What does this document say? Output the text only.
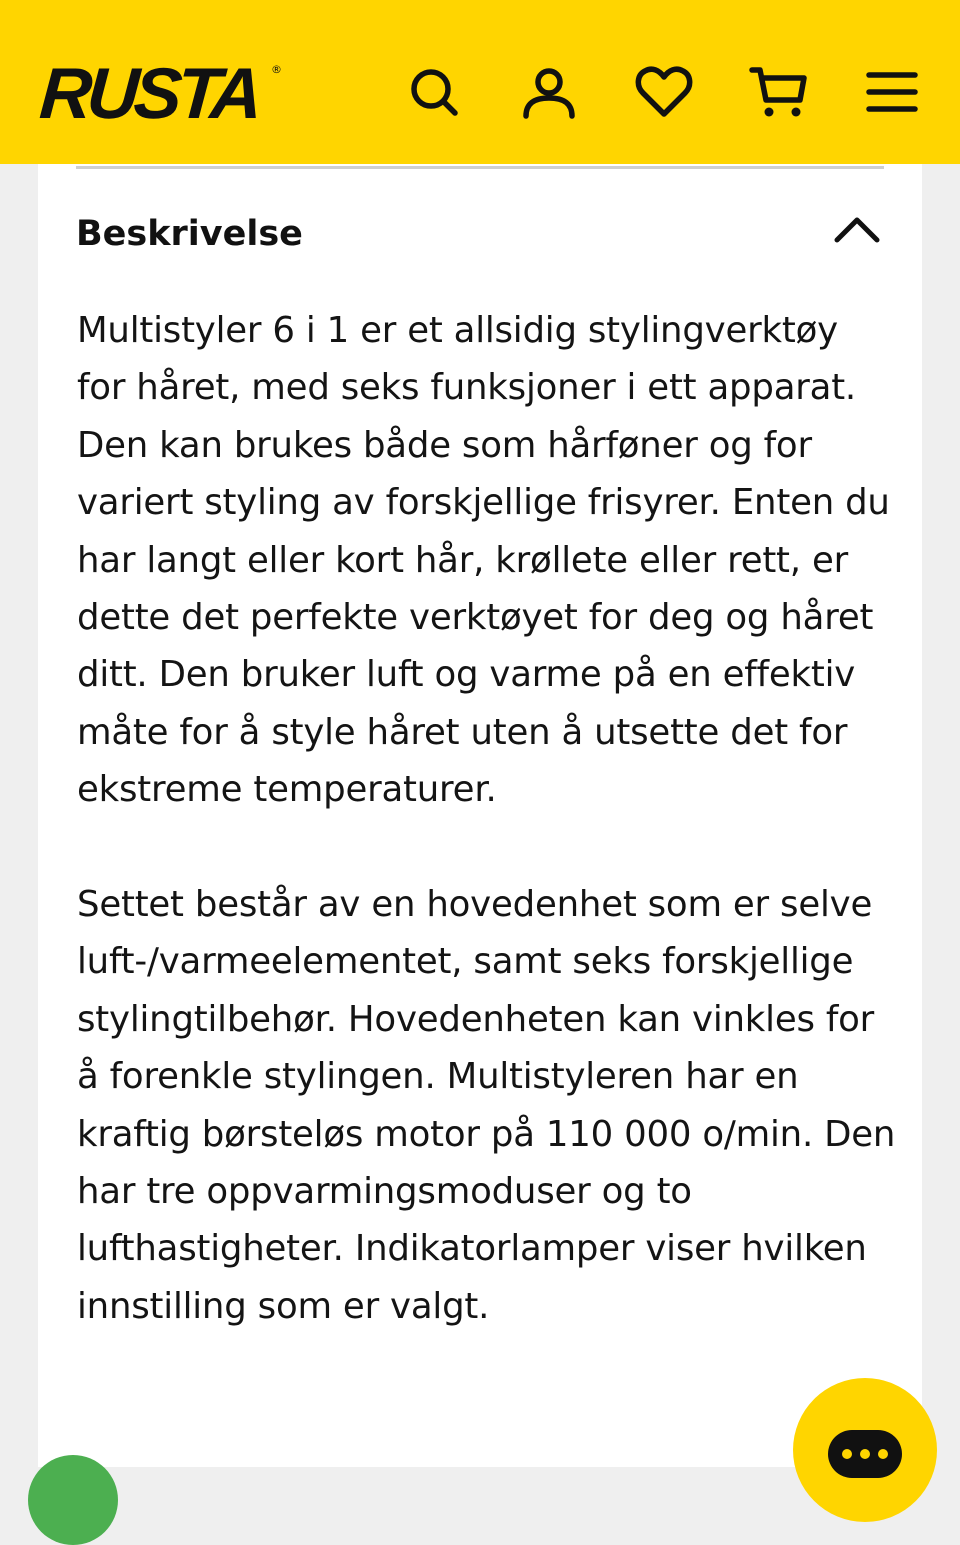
RUSTA ®
Beskrivelse

Multistyler 6 i 1 er et allsidig stylingverktøy for håret, med seks funksjoner i ett apparat. Den kan brukes både som hårføner og for variert styling av forskjellige frisyrer. Enten du har langt eller kort hår, krøllete eller rett, er dette det perfekte verktøyet for deg og håret ditt. Den bruker luft og varme på en effektiv måte for å style håret uten å utsette det for ekstreme temperaturer.

Settet består av en hovedenhet som er selve luft-/varmeelementet, samt seks forskjellige stylingtilbehør. Hovedenheten kan vinkles for å forenkle stylingen. Multistyleren har en kraftig børsteløs motor på 110 000 o/min. Den har tre oppvarmingsmoduser og to lufthastigheter. Indikatorlamper viser hvilken innstilling som er valgt.
